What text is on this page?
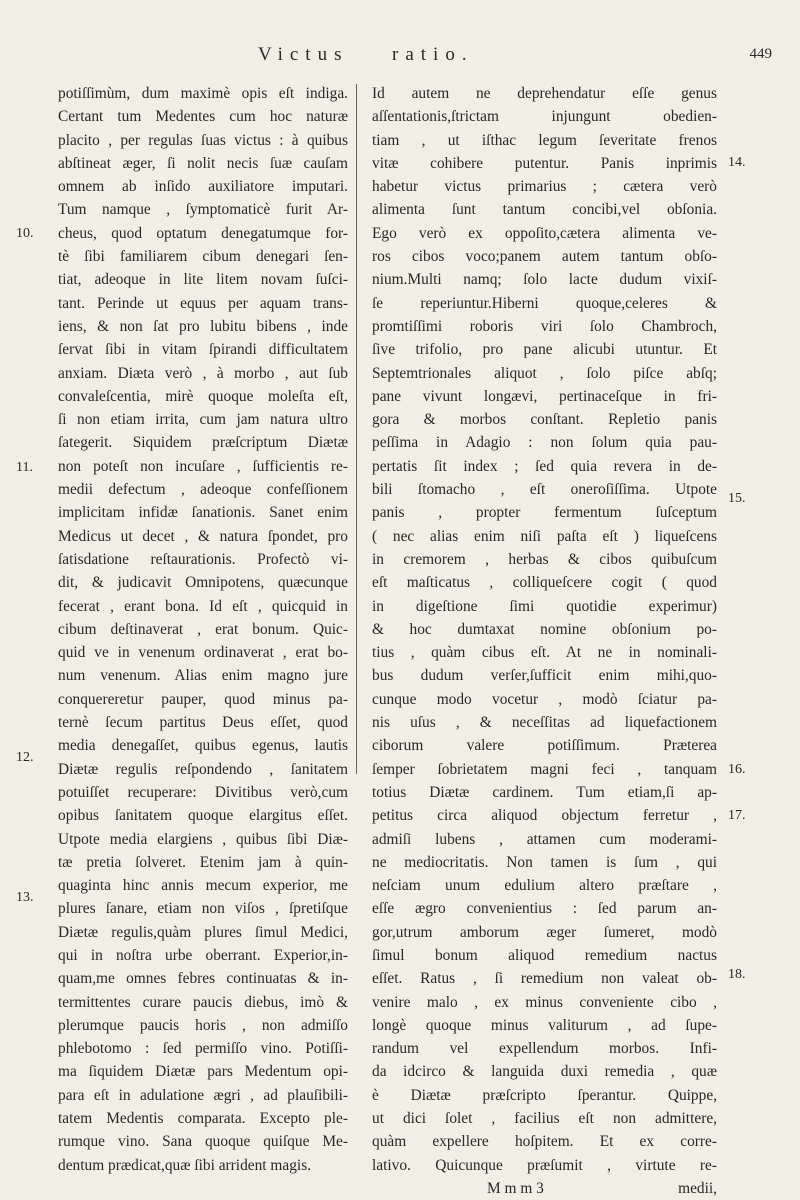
Victus ratio.	449
potiſſimùm, dum maximè opis eſt indiga.
Certant tum Medentes cum hoc naturæ
placito , per regulas ſuas victus : à quibus
abſtineat æger, ſi nolit necis ſuæ cauſam
omnem ab inſido auxiliatore imputari.
Tum namque , ſymptomaticè furit Ar-
cheus, quod optatum denegatumque for-
tè ſibi familiarem cibum denegari ſen-
tiat, adeoque in lite litem novam ſuſci-
tant. Perinde ut equus per aquam trans-
iens, & non ſat pro lubitu bibens , inde
ſervat ſibi in vitam ſpirandi difficultatem
anxiam. Diæta verò , à morbo , aut ſub
convaleſcentia, mirè quoque moleſta eſt,
ſi non etiam irrita, cum jam natura ultro
ſategerit. Siquidem præſcriptum Diætæ
non poteſt non incuſare , ſufficientis re-
medii defectum , adeoque confeſſionem
implicitam infidæ ſanationis. Sanet enim
Medicus ut decet , & natura ſpondet, pro
ſatisdatione reſtaurationis. Profectò vi-
dit, & judicavit Omnipotens, quæcunque
fecerat , erant bona. Id eſt , quicquid in
cibum deſtinaverat , erat bonum. Quic-
quid ve in venenum ordinaverat , erat bo-
num venenum. Alias enim magno jure
conquereretur pauper, quod minus pa-
ternè ſecum partitus Deus eſſet, quod
media denegaſſet, quibus egenus, lautis
Diætæ regulis reſpondendo , ſanitatem
potuiſſet recuperare: Divitibus verò,cum
opibus ſanitatem quoque elargitus eſſet.
Utpote media elargiens , quibus ſibi Diæ-
tæ pretia ſolveret. Etenim jam à quin-
quaginta hinc annis mecum experior, me
plures ſanare, etiam non viſos , ſpretiſque
Diætæ regulis,quàm plures ſimul Medici,
qui in noſtra urbe oberrant. Experior,in-
quam,me omnes febres continuatas & in-
termittentes curare paucis diebus, imò &
plerumque paucis horis , non admiſſo
phlebotomo : ſed permiſſo vino. Potiſſi-
ma ſiquidem Diætæ pars Medentum opi-
para eſt in adulatione ægri , ad plauſibili-
tatem Medentis comparata. Excepto ple-
rumque vino. Sana quoque quiſque Me-
dentum prædicat,quæ ſibi arrident magis.
Id autem ne deprehendatur eſſe genus
aſſentationis,ſtrictam injungunt obedien-
tiam , ut iſthac legum ſeveritate frenos
vitæ cohibere putentur. Panis inprimis
habetur victus primarius ; cætera verò
alimenta ſunt tantum concibi,vel obſonia.
Ego verò ex oppoſito,cætera alimenta ve-
ros cibos voco;panem autem tantum obſo-
nium.Multi namq; ſolo lacte dudum vixiſ-
ſe reperiuntur.Hiberni quoque,celeres &
promtiſſimi roboris viri ſolo Chambroch,
ſive trifolio, pro pane alicubi utuntur. Et
Septemtrionales aliquot , ſolo piſce abſq;
pane vivunt longævi, pertinaceſque in fri-
gora & morbos conſtant. Repletio panis
peſſima in Adagio : non ſolum quia pau-
pertatis ſit index ; ſed quia revera in de-
bili ſtomacho , eſt oneroſiſſima. Utpote
panis , propter fermentum ſuſceptum
( nec alias enim niſi paſta eſt ) liqueſcens
in cremorem , herbas & cibos quibuſcum
eſt maſticatus , colliqueſcere cogit ( quod
in digeſtione ſimi quotidie experimur)
& hoc dumtaxat nomine obſonium po-
tius , quàm cibus eſt. At ne in nominali-
bus dudum verſer,ſufficit enim mihi,quo-
cunque modo vocetur , modò ſciatur pa-
nis uſus , & neceſſitas ad liquefactionem
ciborum valere potiſſimum. Præterea
ſemper ſobrietatem magni feci , tanquam
totius Diætæ cardinem. Tum etiam,ſi ap-
petitus circa aliquod objectum ferretur ,
admiſi lubens , attamen cum moderami-
ne mediocritatis. Non tamen is ſum , qui
neſciam unum edulium altero præſtare ,
eſſe ægro convenientius : ſed parum an-
gor,utrum amborum æger ſumeret, modò
ſimul bonum aliquod remedium nactus
eſſet. Ratus , ſi remedium non valeat ob-
venire malo , ex minus conveniente cibo ,
longè quoque minus valiturum , ad ſupe-
randum vel expellendum morbos. Infi-
da idcirco & languida duxi remedia , quæ
è Diætæ præſcripto ſperantur. Quippe,
ut dici ſolet , facilius eſt non admittere,
quàm expellere hoſpitem. Et ex corre-
lativo. Quicunque præſumit , virtute re-
M m m 3	medii,
10.
11.
12.
13.
14.
15.
16.
17.
18.
